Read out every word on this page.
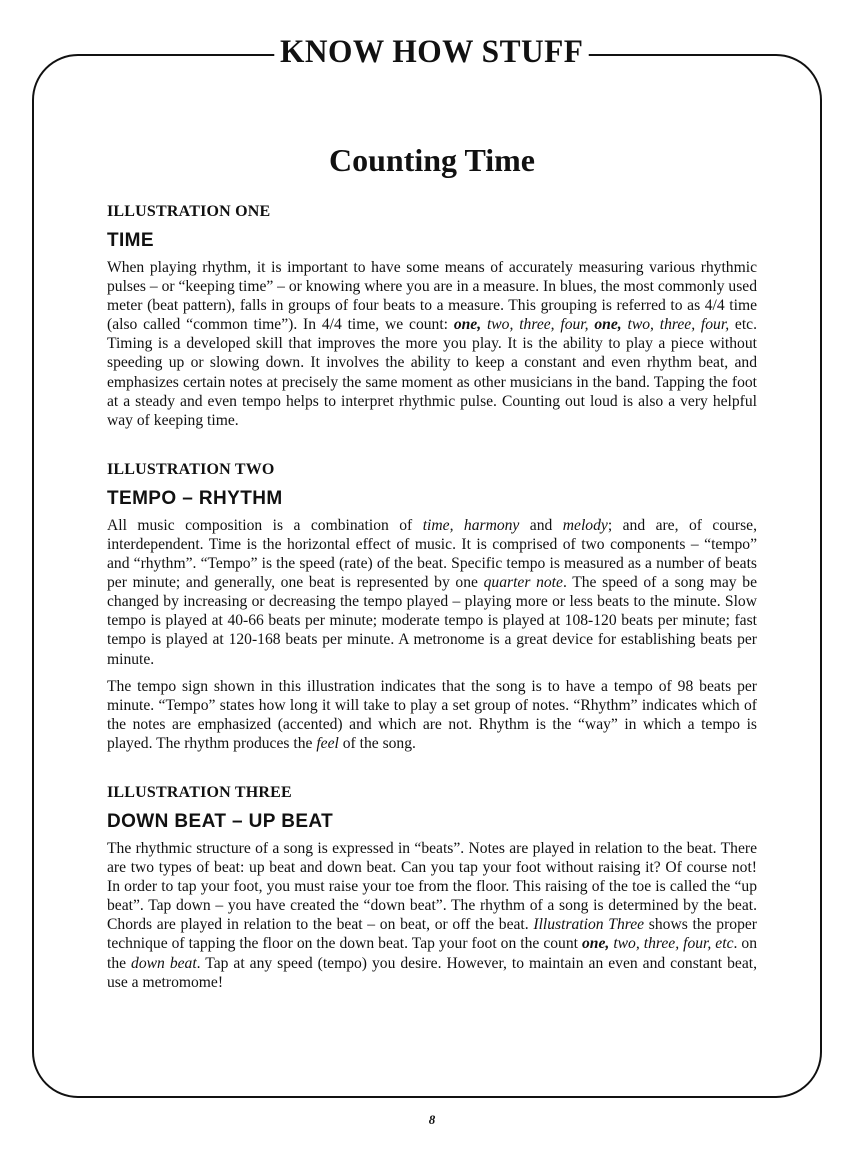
KNOW HOW STUFF
Counting Time
ILLUSTRATION ONE
TIME

When playing rhythm, it is important to have some means of accurately measuring various rhythmic pulses – or “keeping time” – or knowing where you are in a measure. In blues, the most commonly used meter (beat pattern), falls in groups of four beats to a measure. This grouping is referred to as 4/4 time (also called “common time”). In 4/4 time, we count: one, two, three, four, one, two, three, four, etc. Timing is a developed skill that improves the more you play. It is the ability to play a piece without speeding up or slowing down. It involves the ability to keep a constant and even rhythm beat, and emphasizes certain notes at precisely the same moment as other musicians in the band. Tapping the foot at a steady and even tempo helps to interpret rhythmic pulse. Counting out loud is also a very helpful way of keeping time.

ILLUSTRATION TWO
TEMPO – RHYTHM

All music composition is a combination of time, harmony and melody; and are, of course, interdependent. Time is the horizontal effect of music. It is comprised of two components – “tempo” and “rhythm”. “Tempo” is the speed (rate) of the beat. Specific tempo is measured as a number of beats per minute; and generally, one beat is represented by one quarter note. The speed of a song may be changed by increasing or decreasing the tempo played – playing more or less beats to the minute. Slow tempo is played at 40-66 beats per minute; moderate tempo is played at 108-120 beats per minute; fast tempo is played at 120-168 beats per minute. A metronome is a great device for establishing beats per minute.

The tempo sign shown in this illustration indicates that the song is to have a tempo of 98 beats per minute. “Tempo” states how long it will take to play a set group of notes. “Rhythm” indicates which of the notes are emphasized (accented) and which are not. Rhythm is the “way” in which a tempo is played. The rhythm produces the feel of the song.

ILLUSTRATION THREE
DOWN BEAT – UP BEAT

The rhythmic structure of a song is expressed in “beats”. Notes are played in relation to the beat. There are two types of beat: up beat and down beat. Can you tap your foot without raising it? Of course not! In order to tap your foot, you must raise your toe from the floor. This raising of the toe is called the “up beat”. Tap down – you have created the “down beat”. The rhythm of a song is determined by the beat. Chords are played in relation to the beat – on beat, or off the beat. Illustration Three shows the proper technique of tapping the floor on the down beat. Tap your foot on the count one, two, three, four, etc. on the down beat. Tap at any speed (tempo) you desire. However, to maintain an even and constant beat, use a metromome!

8
